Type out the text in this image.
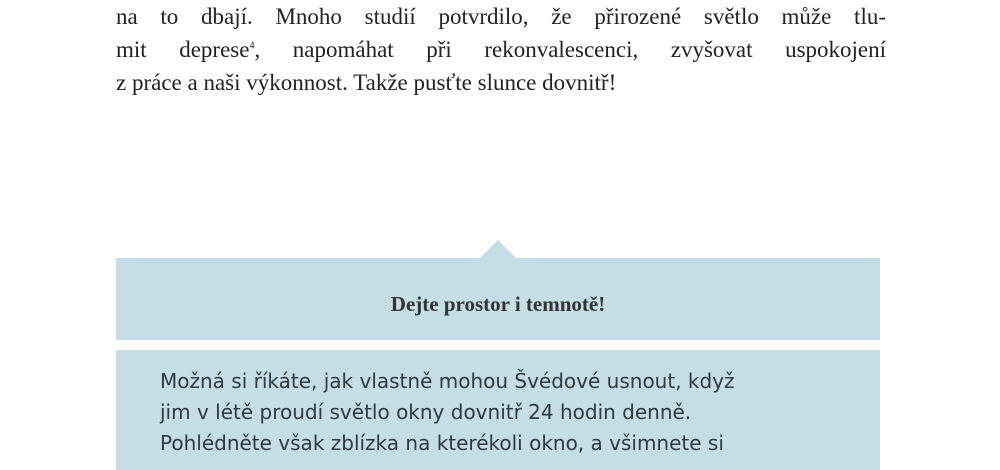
na to dbají. Mnoho studií potvrdilo, že přirozené světlo může tlu-
mit deprese$^4$, napomáhat při rekonvalescenci, zvyšovat uspokojení
z práce a naši výkonnost. Takže pusťte slunce dovnitř!
Dejte prostor i temnotě!
Možná si říkáte, jak vlastně mohou Švédové usnout, když
jim v létě proudí světlo okny dovnitř 24 hodin denně.
Pohlédněte však zblízka na kterékoli okno, a všimnete si
